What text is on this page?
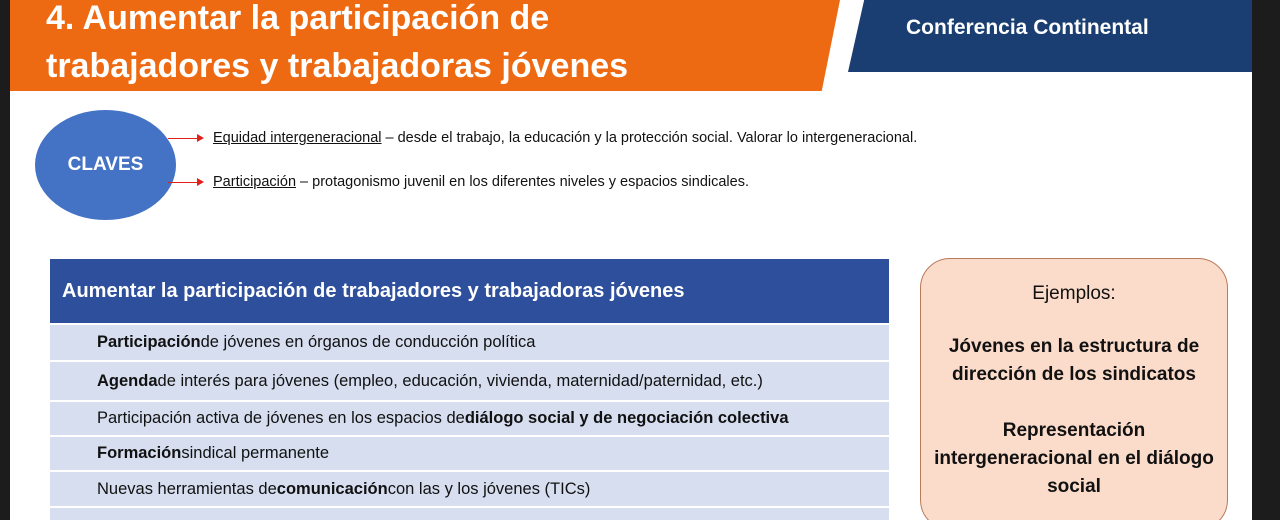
4. Aumentar la participación de
trabajadores y trabajadoras jóvenes
Conferencia Continental
CLAVES
Equidad intergeneracional – desde el trabajo, la educación y la protección social. Valorar lo intergeneracional.
Participación – protagonismo juvenil en los diferentes niveles y espacios sindicales.
Aumentar la participación de trabajadores y trabajadoras jóvenes
Participación de jóvenes en órganos de conducción política
Agenda de interés para jóvenes (empleo, educación, vivienda, maternidad/paternidad, etc.)
Participación activa de jóvenes en los espacios de diálogo social y de negociación colectiva
Formación sindical permanente
Nuevas herramientas de comunicación con las y los jóvenes (TICs)
Ejemplos:
Jóvenes en la estructura de dirección de los sindicatos
Representación intergeneracional en el diálogo social
